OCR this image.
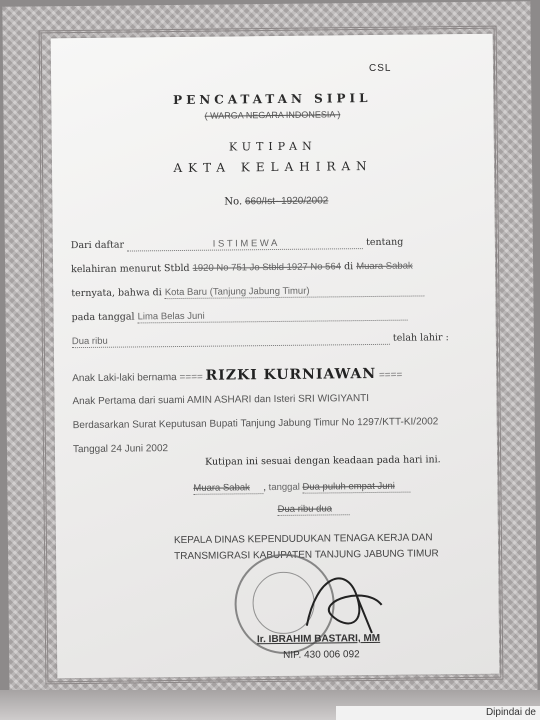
CSL
PENCATATAN SIPIL
( WARGA NEGARA INDONESIA )
KUTIPAN
AKTA KELAHIRAN
No. 660/Ist- 1920/2002
Dari daftar	I S T I M E W A	tentang
kelahiran menurut Stbld 1920 No 751 Jo Stbld 1927 No 564 di Muara Sabak
ternyata, bahwa di Kota Baru (Tanjung Jabung Timur)
pada tanggal Lima Belas Juni
Dua ribu	telah lahir :
Anak Laki-laki bernama ==== RIZKI KURNIAWAN ====
Anak Pertama dari suami AMIN ASHARI dan Isteri SRI WIGIYANTI
Berdasarkan Surat Keputusan Bupati Tanjung Jabung Timur No 1297/KTT-KI/2002
Tanggal 24 Juni 2002
Kutipan ini sesuai dengan keadaan pada hari ini.
Muara Sabak , tanggal Dua puluh empat Juni
Dua ribu dua
KEPALA DINAS KEPENDUDUKAN TENAGA KERJA DAN
TRANSMIGRASI KABUPATEN TANJUNG JABUNG TIMUR
Ir. IBRAHIM BASTARI, MM
NIP. 430 006 092
Dipindai de
